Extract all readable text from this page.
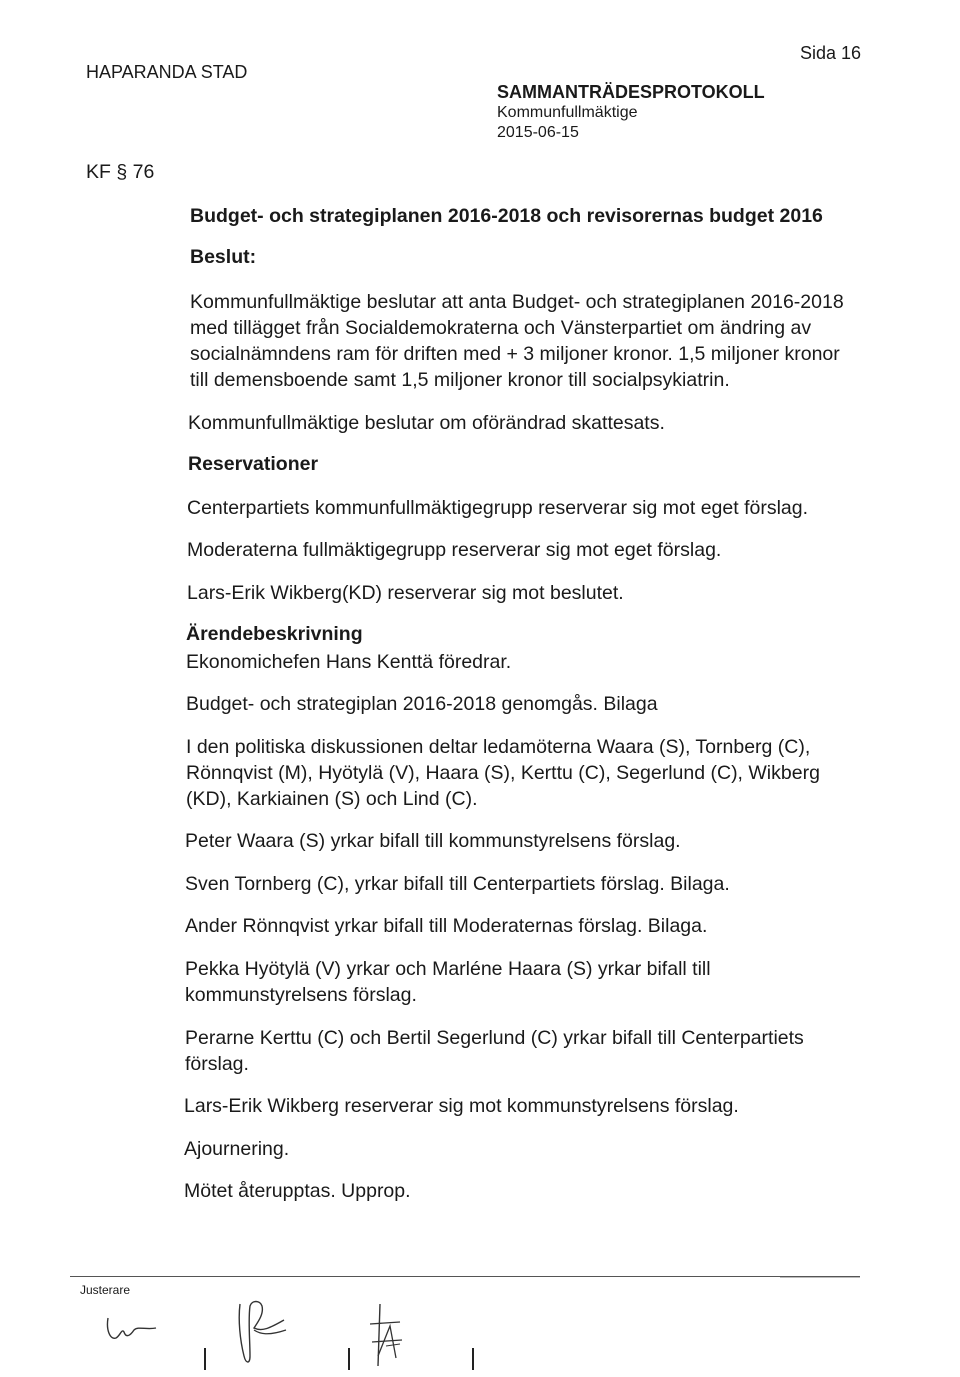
HAPARANDA STAD
SAMMANTRÄDESPROTOKOLL
Kommunfullmäktige
2015-06-15
Sida 16
KF § 76
Budget- och strategiplanen 2016-2018 och revisorernas budget 2016
Beslut:
Kommunfullmäktige beslutar att anta Budget- och strategiplanen 2016-2018
med tillägget från Socialdemokraterna och Vänsterpartiet om ändring av
socialnämndens ram för driften med + 3 miljoner kronor. 1,5 miljoner kronor
till demensboende samt 1,5 miljoner kronor till socialpsykiatrin.
Kommunfullmäktige beslutar om oförändrad skattesats.
Reservationer
Centerpartiets kommunfullmäktigegrupp reserverar sig mot eget förslag.
Moderaterna fullmäktigegrupp reserverar sig mot eget förslag.
Lars-Erik Wikberg(KD) reserverar sig mot beslutet.
Ärendebeskrivning
Ekonomichefen Hans Kenttä föredrar.
Budget- och strategiplan 2016-2018 genomgås. Bilaga
I den politiska diskussionen deltar ledamöterna Waara (S), Tornberg (C),
Rönnqvist (M), Hyötylä (V), Haara (S), Kerttu (C), Segerlund (C), Wikberg
(KD), Karkiainen (S) och Lind (C).
Peter Waara (S) yrkar bifall till kommunstyrelsens förslag.
Sven Tornberg (C), yrkar bifall till Centerpartiets förslag. Bilaga.
Ander Rönnqvist yrkar bifall till Moderaternas förslag. Bilaga.
Pekka Hyötylä (V) yrkar och Marléne Haara (S) yrkar bifall till
kommunstyrelsens förslag.
Perarne Kerttu (C) och Bertil Segerlund (C) yrkar bifall till Centerpartiets
förslag.
Lars-Erik Wikberg reserverar sig mot kommunstyrelsens förslag.
Ajournering.
Mötet återupptas. Upprop.
Justerare
